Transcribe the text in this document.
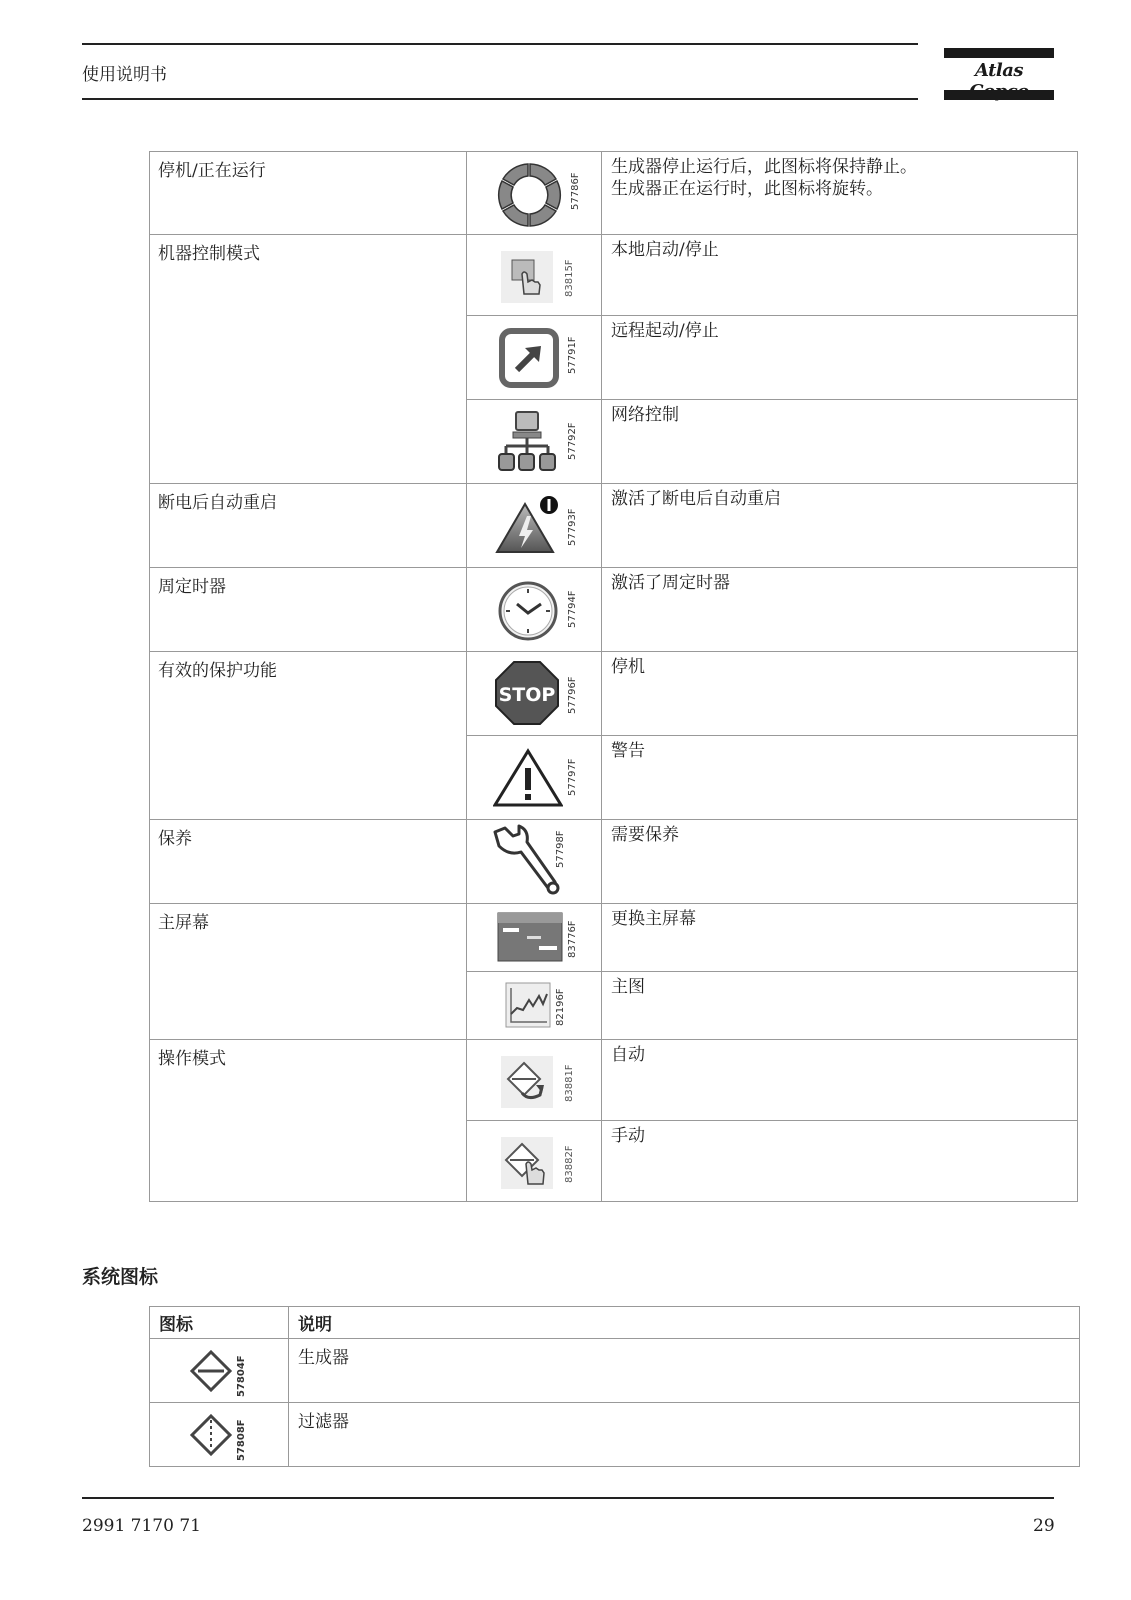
使用说明书	Atlas
停机/正在运行	57786F	生成器停止运行后，此图标将保持静止。
生成器正在运行时，此图标将旋转。

机器控制模式	83815F	本地启动/停止

	57791F	远程起动/停止

	57792F	网络控制
断电后自动重启	57793F	激活了断电后自动重启
周定时器	57794F	激活了周定时器
有效的保护功能	STOP 57796F	停机

	57797F	警告
保养	57798F	需要保养
主屏幕	83776F	更换主屏幕

	82196F	主图
操作模式	83881F	自动

	83882F	手动
系统图标
图标	说明

57804F	生成器

57808F	过滤器
2991 7170 71	29
